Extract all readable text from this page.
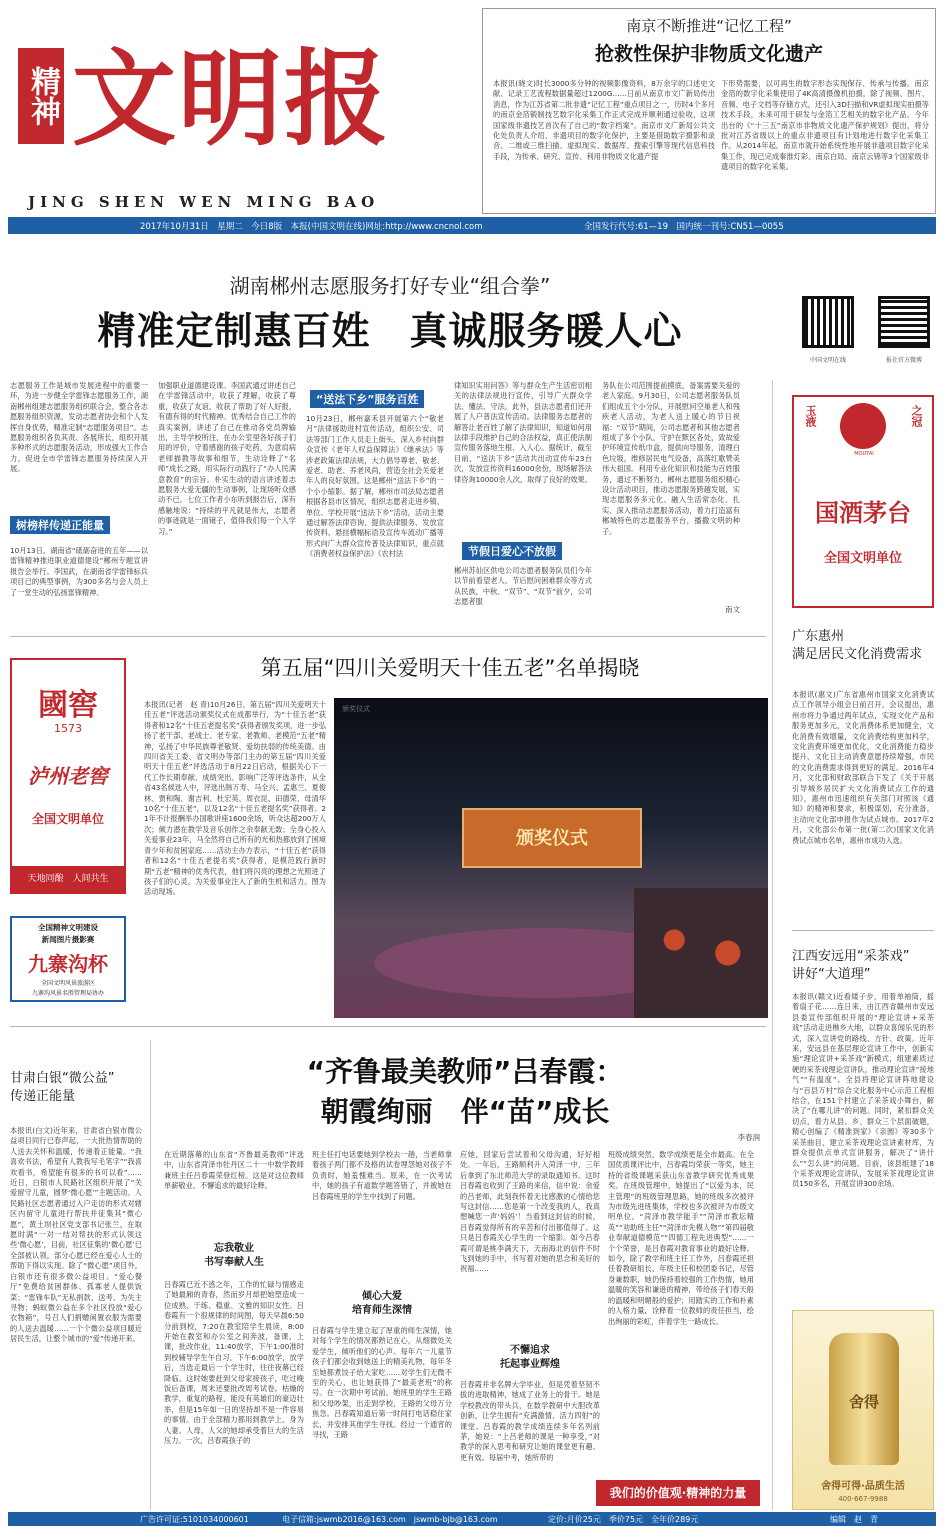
精神 文明报
JING SHEN WEN MING BAO
南京不断推进“记忆工程”
抢救性保护非物质文化遗产
本报讯(晓文)时长3000多分钟的视频影像资料，8万余字的口述史文献、记录工艺流程数据量超过1200G……日前从南京市文广新局传出消息，作为江苏省第二批非遗“记忆工程”重点项目之一，历时4个多月的南京金箔锻制技艺数字化采集工作正式完成并顺利通过验收，这项国家级非遗技艺首次有了自己的“数字档案”。南京市文广新局公共文化处负责人介绍，非遗项目的数字化保护，主要是借助数字摄影和录音、二维或三维扫描、虚拟现实、数据库、搜索引擎等现代信息科技手段，为传承、研究、宣传、利用非物质文化遗产提
下形势需要，以可再生的数字形态实现保存、传承与传播。南京金箔的数字化采集使用了4K高清摄像机拍摄，除了视频、图片、音频、电子文档等存储方式，还引入3D扫描和VR虚拟现实拍摄等技术手段，未来可用于研发与金箔工艺相关的数字化产品。今年出台的《“十三五”南京市非物质文化遗产保护规划》提出，将分批对江苏省级以上的重点非遗项目有计划地进行数字化采集工作。从2014年起，南京市就开始系统性地开展非遗项目数字化采集工作，现已完成秦淮灯彩、南京白局、南京云锦等3个国家级非遗项目的数字化采集。
2017年10月31日　星期二　今日8版　本报(中国文明在线)网址:http://www.cncnol.com	全国发行代号:61—19　国内统一刊号:CN51—0055
湖南郴州志愿服务打好专业“组合拳”
精准定制惠百姓　真诚服务暖人心
志愿服务工作是城市发展进程中的重要一环，为进一步健全学雷锋志愿服务工作，湖南郴州组建志愿服务组织联合会，整合各志愿服务组织资源，发动志愿者协会和个人发挥自身优势，精准定制“志愿服务项目”。志愿服务组织各负其责、各展所长，组织开展多种形式的志愿服务活动，形成强大工作合力，促进全市学雷锋志愿服务持续深入开展。
树榜样传递正能量
10月13日，湖南省“砥砺奋进的五年——以雷锋精神推进职业道德建设”郴州专题宣讲报告会举行。李国武，在湖南省学雷锋标兵项目已的典型事例，为300多名与会人员上了一堂生动的弘扬雷锋精神、
加强职业道德建设课。李国武通过讲述自己在学雷锋活动中，收获了理解，收获了尊重，收获了友谊，收获了帮助了好人好报，有德有得的时代精神。优秀结合自己工作的真实案例，讲述了自己在推动各党员牌输出，主导学校所注，在办公室里各好孩子们用的评价，守着感谢的孩子吃药，为意肩病老师描教等故事和细节，生动诠释了“名师”成长之路，用实际行动践行了“办人民满意教育”的宗旨。朴实生动的语言讲述着志愿服务大爱无疆的生动事例，让现场听众感动不已。七位工作者小东听到报告后，深有感触地说：“持续的平凡就是伟大，志愿者的事迹就是一面镜子，值得我们每一个人学习。”
“送法下乡”服务百姓
10月23日，郴州嘉禾县开展第六个“敬老月”法律援助进村宣传活动，组织公安、司法等部门工作人员走上街头、深入乡村向群众宣传《老年人权益保障法》《继承法》等涉老政策法律法规，大力倡导尊老、敬老、爱老、助老、养老风尚，营造全社会关爱老年人的良好氛围。这是郴州“送法下乡”的一个小小缩影。据了解，郴州市司法局志愿者根据各县市区情况，组织志愿者走进乡镇、单位、学校开展“送法下乡”活动，活动主要通过解答法律咨询、提供法律服务、发放宣传资料、悬挂横幅标语及宣传车流动广播等形式向广大群众宣传普及法律知识，重点就《消费者权益保护法》《农村法
律知识实用问答》等与群众生产生活密切相关的法律法规进行宣传，引导广大群众学法、懂法、守法。此外，县法志愿者们还开展了人户普法宣传活动。法律服务志愿者的解答让老百姓了解了法律知识，知道如何用法律手段维护自己的合法权益，真正使法制宣传服务落地生根、入人心。据统计，截至目前，“送法下乡”活动共出动宣传车23台次，发放宣传资料16000余份，现场解答法律咨询10000余人次，取得了良好的效果。
节假日爱心不放假
郴州苏仙区供电公司志愿者服务队员们今年以节前看望老人、节后慰问困难群众等方式从民族，中秋、“双节”、“双节”前夕，公司志愿者服
务队在公司范围提前摸底，备案需要关爱的老人家庭。9月30日，公司志愿者服务队员们组成五个小分队，开展慰问空巢老人和残疾老人活动，为老人送上暖心的节日祝福：“双节”期间，公司志愿者和其他志愿者组成了多个小队，守护在默区各处，致故爱护环境宣传纸巾盒，提供向导服务，清理白色垃圾，维修居民电气设备，高落红歌赞美伟大祖国。利用专业化知识和技能为百姓服务，通过不断努力，郴州志愿服务组织精心设计活动项目，推动志愿服务跨越发展，实现志愿服务多元化、融入生活常态化、扎实、深入推动志愿服务活动，着力打造富有郴城特色的志愿服务平台，播撒文明的种子。
南文
中国文明在线	报社官方微博
玉液
MOUTAI
之冠
国酒茅台
全国文明单位
广东惠州
满足居民文化消费需求
本报讯(惠文)广东省惠州市国家文化消费试点工作领导小组会日前召开，会议提出，惠州市将力争通过两年试点，实现文化产品和服务更加多元，文化消费体系更加健全，文化消费有效增量，文化消费结构更加科学，文化消费环境更加优化，文化消费能力稳步提升，文化日主动消费意愿持续增强，市民的文化消费需求得到更好的满足。2016年4月，文化部和财政部联合下发了《关于开展引导城乡居民扩大文化消费试点工作的通知》，惠州市迅速组织有关部门对照该《通知》的精神和要求，积极谋划，充分准备，主动向文化部申报作为试点城市。2017年2月，文化部公布第一批(第二次)国家文化消费试点城市名单，惠州市成功入选。
第五届“四川关爱明天十佳五老”名单揭晓
本报讯(记者　赵 青)10月26日，第五届“四川关爱明天十佳五老”评选活动颁奖仪式在成都举行，为“十佳五老”获得者和12名“十佳五老提名奖”获得者颁发奖项，进一步弘扬了老干部、老战士、老专家、老教师、老模范“五老”精神，弘扬了中华民族尊老敬贤、爱幼扶弱的传统美德。由四川省关工委、省文明办等部门主办的第五届“四川关爱明天十佳五老”评选活动于8月22日启动，根据关心下一代工作长期奉献、成绩突出、影响广泛等评选条件，从全省43名候选人中，评选出韩万寿、马全兴、孟惠兰、夏俊林、贾和陶、谢吉利、杜宏英、周衣昆、田德荣、母清华10名“十佳五老”，以及12名“十佳五老提名奖”获得者。21年不计报酬举办国歌讲座1600余场，听众达超200万人次；倾力潜在教学及音乐创作之余奉献无数；全身心投入关爱事业23年，马全然将自己所有的光和热都放到了困境青少年和贫困家庭……活动主办方表示，“十佳五老”获得者和12名“十佳五老提名奖”获得者，是模范践行新时期“五老”精神的优秀代表，他们将闪亮的理想之光照进了孩子们的心灵，为关爱事业注入了新的生机和活力。图为活动现场。
颁奖仪式
颁奖仪式
國窖
1573
泸州老窖
全国文明单位
天地同酿　人间共生
全国精神文明建设
新闻图片摄影赛
九寨沟杯
全国文明风景旅游区
九寨沟风景名胜管理局协办
江西安远用“采茶戏”
讲好“大道理”
本报讯(赣文)近看矮子步，用着单袖筒，摇着扇子花……连日来，由江西省赣州市安远县委宣传部组织开展的“理论宣讲+采茶戏”活动走进樵乡大地，以群众喜闻乐见的形式，深入宣讲党的路线、方针、政策。近年来，安远县在基层理论宣讲工作中，创新实施“理论宣讲+采茶戏”新模式，组建素质过硬的采茶戏理论宣讲队，推动理论宣讲“接地气”“有温度”。全县将理论宣讲阵地建设与“百县万村”综合文化服务中心示范工程相结合，在151个村建立了采茶戏小舞台，解决了“在哪儿讲”的问题。同时，紧扣群众关切点，着力从县、乡、群众三个层面破题，精心创编了《精准到家》《亲圆》等30多个采茶曲目，建立采茶戏理论宣讲素材库，为群众提供点单式宣讲服务，解决了“讲什么”“怎么讲”的问题。目前，该县组建了18个采茶戏理论宣讲队，发展采茶戏理论宣讲员150多名，开展宣讲300余场。
舍得
舍得可得·品质生活
400-667-9988
甘肃白银“微公益”
传递正能量
本报讯(白文)近年来，甘肃省白银市微公益项目同行已春声起，一大批热情帮助的人送去关怀和温暖，传递着正能量。“我喜欢书法，希望有人教我写毛笔字”“我喜欢看书，希望能有很多的书可以看”……近日，白银市人民路社区组织开展了“关爱留守儿童，圆梦‘微心愿’”主题活动。人民路社区志愿者通过入户走访的形式对辖区内留守儿童进行帮扶并征集其“微心愿”，黄土坝社区党支部书记张兰，在取愿时满“一对一结对帮扶的形式认领这些‘微心愿’，目前，社区征集的‘微心愿’已全部被认领，部分心愿已经在爱心人士的帮助下得以实现。除了“微心愿”项目外，白银市还有很多微公益项目。“爱心餐厅”免费给贫困群体、孤寡老人提供饭菜；“雷锋车队”无私捐款、送考、为失主寻物；蚂蚁微公益在多个社区投放“爱心衣物箱”，号召人们捐赠闲置衣服为需要的人送去温暖……一个个微公益项目暖近居民生活，让整个城市的“爱”传递开来。
“齐鲁最美教师”吕春霞：
朝霞绚丽　伴“苗”成长
李春润
在近期落幕的山东省“齐鲁最美教师”评选中，山东省菏泽市牡丹区二十一中数学教师兼班主任吕春霞荣登红榜。这是对这位教师单薪敬业、不懈追求的最好诠释。
忘我敬业
书写奉献人生
吕春霞已近不惑之年，工作的忙碌与情感走了她最厢的青春，然而岁月却把她塑造成一位成熟、干练、稳重、文雅的知识女性。吕春霞有一个很规律的时间图，每天早晨6:50分前到校，7:20在教室陪学生晨读，8:00开始在教室和办公室之间奔波，备课，上课，批改作业，11:40放学，下午1:00准时到校辅导学生午自习，下午6:00放学，放学后，当选走最后一个学生时，往往夜幕已经降临。这时她要赶到父母家接孩子，吃过晚饭后备课，周末还要批改周考试卷。枯燥的教学，重复的路程，能没有英雄们的豪迈壮举，但是15年如一日的坚持却不是一件容易的事情。由于全部精力都用到教学上，身为人妻、人母，人父的她却承受着巨大的生活压力。一次，吕春霞孩子的
班主任打电话要她到学校去一趟，当老师拿着孩子两门都不及格的试卷埋怨她对孩子不负责时，她羞愧难当。原来，在一次考试中，她的孩子有道数学题答错了，并被她在吕春霞班里的学生中找到了问题。
倾心大爱
培育师生深情
吕春霞与学生建立起了厚重的师生深情，她对每个学生的情况都熟记在心，从细微处关爱学生，倾听他们的心声。每年六一儿童节孩子们都会收到她送上的精美礼物，每年冬至她都煮饺子给大家吃……对学生们无微不至的关心，也让她获得了“最美老班”的称号。在一次期中考试前，她班里的学生王路和父母吵架，出走到学校，王路的父母万分焦急。吕春霞知道后第一时间打电话稳住家长，并安排其他学生寻找。经过一个通宵的寻找，王路
应她，回家后尝试着和父母沟通，好好相处。一年后，王路顺利升入菏泽一中，三年后拿到了东北师范大学的录取通知书。这时吕春霞也收到了王路的来信，信中说：余爱的吕老师，此刻我怀着无比感激的心情给您写这封信……您是第一个改变我的人，我真想喊您一声‘妈妈’！当看到这封信的时候，吕春霞觉得所有的辛苦和付出都值得了。这只是吕春霞关心学生的一个缩影。如今吕春霞可谓是桃李满天下，天南海北的信件不时飞到她的手中，书写着对她的思念和美好的祝福……
不懈追求
托起事业辉煌
吕春霞并非名牌大学毕业，但是凭着坚韧不拔的进取精神，她成了业务上的骨干。她是学校教改的带头兵，在数学教研中大胆改革创新，让学生拥有“充满激情、活力四射”的课堂。吕春霞的教学成绩连续多年名列前茅，她说：“上吕老师的课是一种享受，”对教学的深入思考和研究让她的课堂更有趣、更有效。每届中考，她所带的
班级成绩突然，数学成绩更是全市最高。在全国优质课评比中，吕春霞均荣获一等奖，她主持的省级课题采获山东省教学研究优秀成果奖。在班级管理中，她提出了“以爱为本，民主管理”的班级管理思路，她的班级多次被评为市级先进班集体，学校也多次被评为市级文明单位。“菏泽市教学能手”“菏泽市教坛精英”“劝助班主任”“菏泽市先模人物”“第四届敬业奉献道德模范”“四德工程先进典型”……一个个荣誉，是吕春霞对教育事业的最好诠释。如今，除了教学和班主任工作外，吕春霞还担任着教研组长、年级主任和校团委书记，尽管身兼数职，她仍保持着较强的工作热情，她用温暖的笑容和谦逊的精神，带给孩子们春天般的温暖和明媚般的爱护；用踏实的工作和朴素的人格力量，诠释着一位教师的责任担当，绘出绚丽的彩虹，伴着学生一路成长。
我们的价值观·精神的力量
广告许可证:5101034000601	电子信箱:jswmb2016@163.com　jswmb-bjb@163.com	定价:月价25元　季价75元　全年价289元	编辑　赵　青
